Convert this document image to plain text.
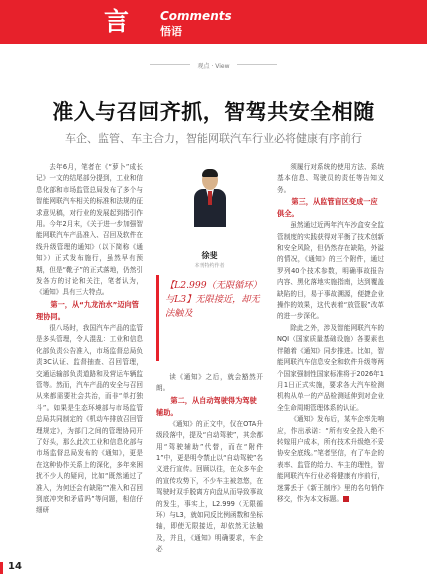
言	Comments
悟语
观点 · View
准入与召回齐抓，智驾共安全相随
车企、监管、车主合力，智能网联汽车行业必将健康有序前行

去年6月，笔者在《“萝卜”成长记》一文的结尾部分提到，工业和信息化部和市场监管总局发布了多个与智能网联汽车相关的标准和法规的征求意见稿，对行业的发展起到指引作用。今年2月末，《关于进一步加强智能网联汽车产品准入、召回及软件在线升级管理的通知》（以下简称《通知》）正式发布施行，虽然早有预期，但是“靴子”的正式落地，仍然引发各方的讨论和关注，笔者认为，《通知》具有三大特点。

第一，从“九龙治水”迈向管理协同。

很八场时，我国汽车产品的监管是多头管理，令人混乱：工业和信息化部负责公告准入，市场监督总局负责3C认证、监督抽查、召回管理，交通运输部负责道路和及营运车辆监管等。然而，汽车产品的安全与召回从来都需要社会共治，而非“单打独斗”。如果是生态环境部与市场监管总局共同制定的《机动车排放召回管理规定》，为部门之间的管理协同开了好头，那么此次工业和信息化部与市场监督总局发布的《通知》，更是在这种协作关系上的深化，多年来困扰不少人的疑问，比如“既然通过了准入，为何还会有缺陷”“准入和召回到底冲突和矛盾吗”等问题，相信仔细研

徐斐
本刊特约作者
【L2.999（无限循环）与L3】无限接近，却无法触及

读《通知》之后，就会豁然开朗。

第二，从自动驾驶得为驾驶辅助。

《通知》的正文中，仅在OTA升级段落中，提及“自动驾驶”，其余都用“驾驶辅助”代替，而在“附件1”中，更是明令禁止以“自动驾驶”名义进行宣传。回顾以往，在众多车企的宣传攻势下，不少车主被忽悠，在驾驶时双手脱离方向盘从而导致事故的发生，事实上，L2.999（无限循环）与L3，就如同反比例函数和坐标轴，即使无限接近，却依然无法触及，并且，《通知》明确要求，车企必

须履行对系统的使用方法、系统基本信息、驾驶员的责任等告知义务。

第三，从监管盲区变成一应俱全。

虽然通过近两年汽车沙盒安全监管制度的实践获得对平衡了技术创新和安全风险，但仍然存在缺陷，外溢的情况，《通知》的三个附件，通过罗列40个技术参数，明确事故报告内容、黑化落地实施指南，达到覆盖缺陷的目，易于事故溯源，便捷企业操作的效果，这代表着“放管服”改革的进一步深化。

除此之外，涉及智能网联汽车的NQI（国家质量基础设施）各要素也伴随着《通知》同步推进。比如，智能网联汽车信息安全和软件升级等两个国家强制性国家标准将于2026年1月1日正式实施，要求各大汽车检测机构从单一的产品检测延伸到对企业全生命周期管理体系的认证。

《通知》发布后，某车企率先响应，作出承诺：“所有安全投入绝不转嫁用户成本，所有技术升级绝不妥协安全底线。”笔者坚信，有了车企的表率、监管的给力、车主的理性，智能网联汽车行业必将健康有序前行，迷雾丢于《新王制序》里的名句悄作移交，作为本文标题。

14
